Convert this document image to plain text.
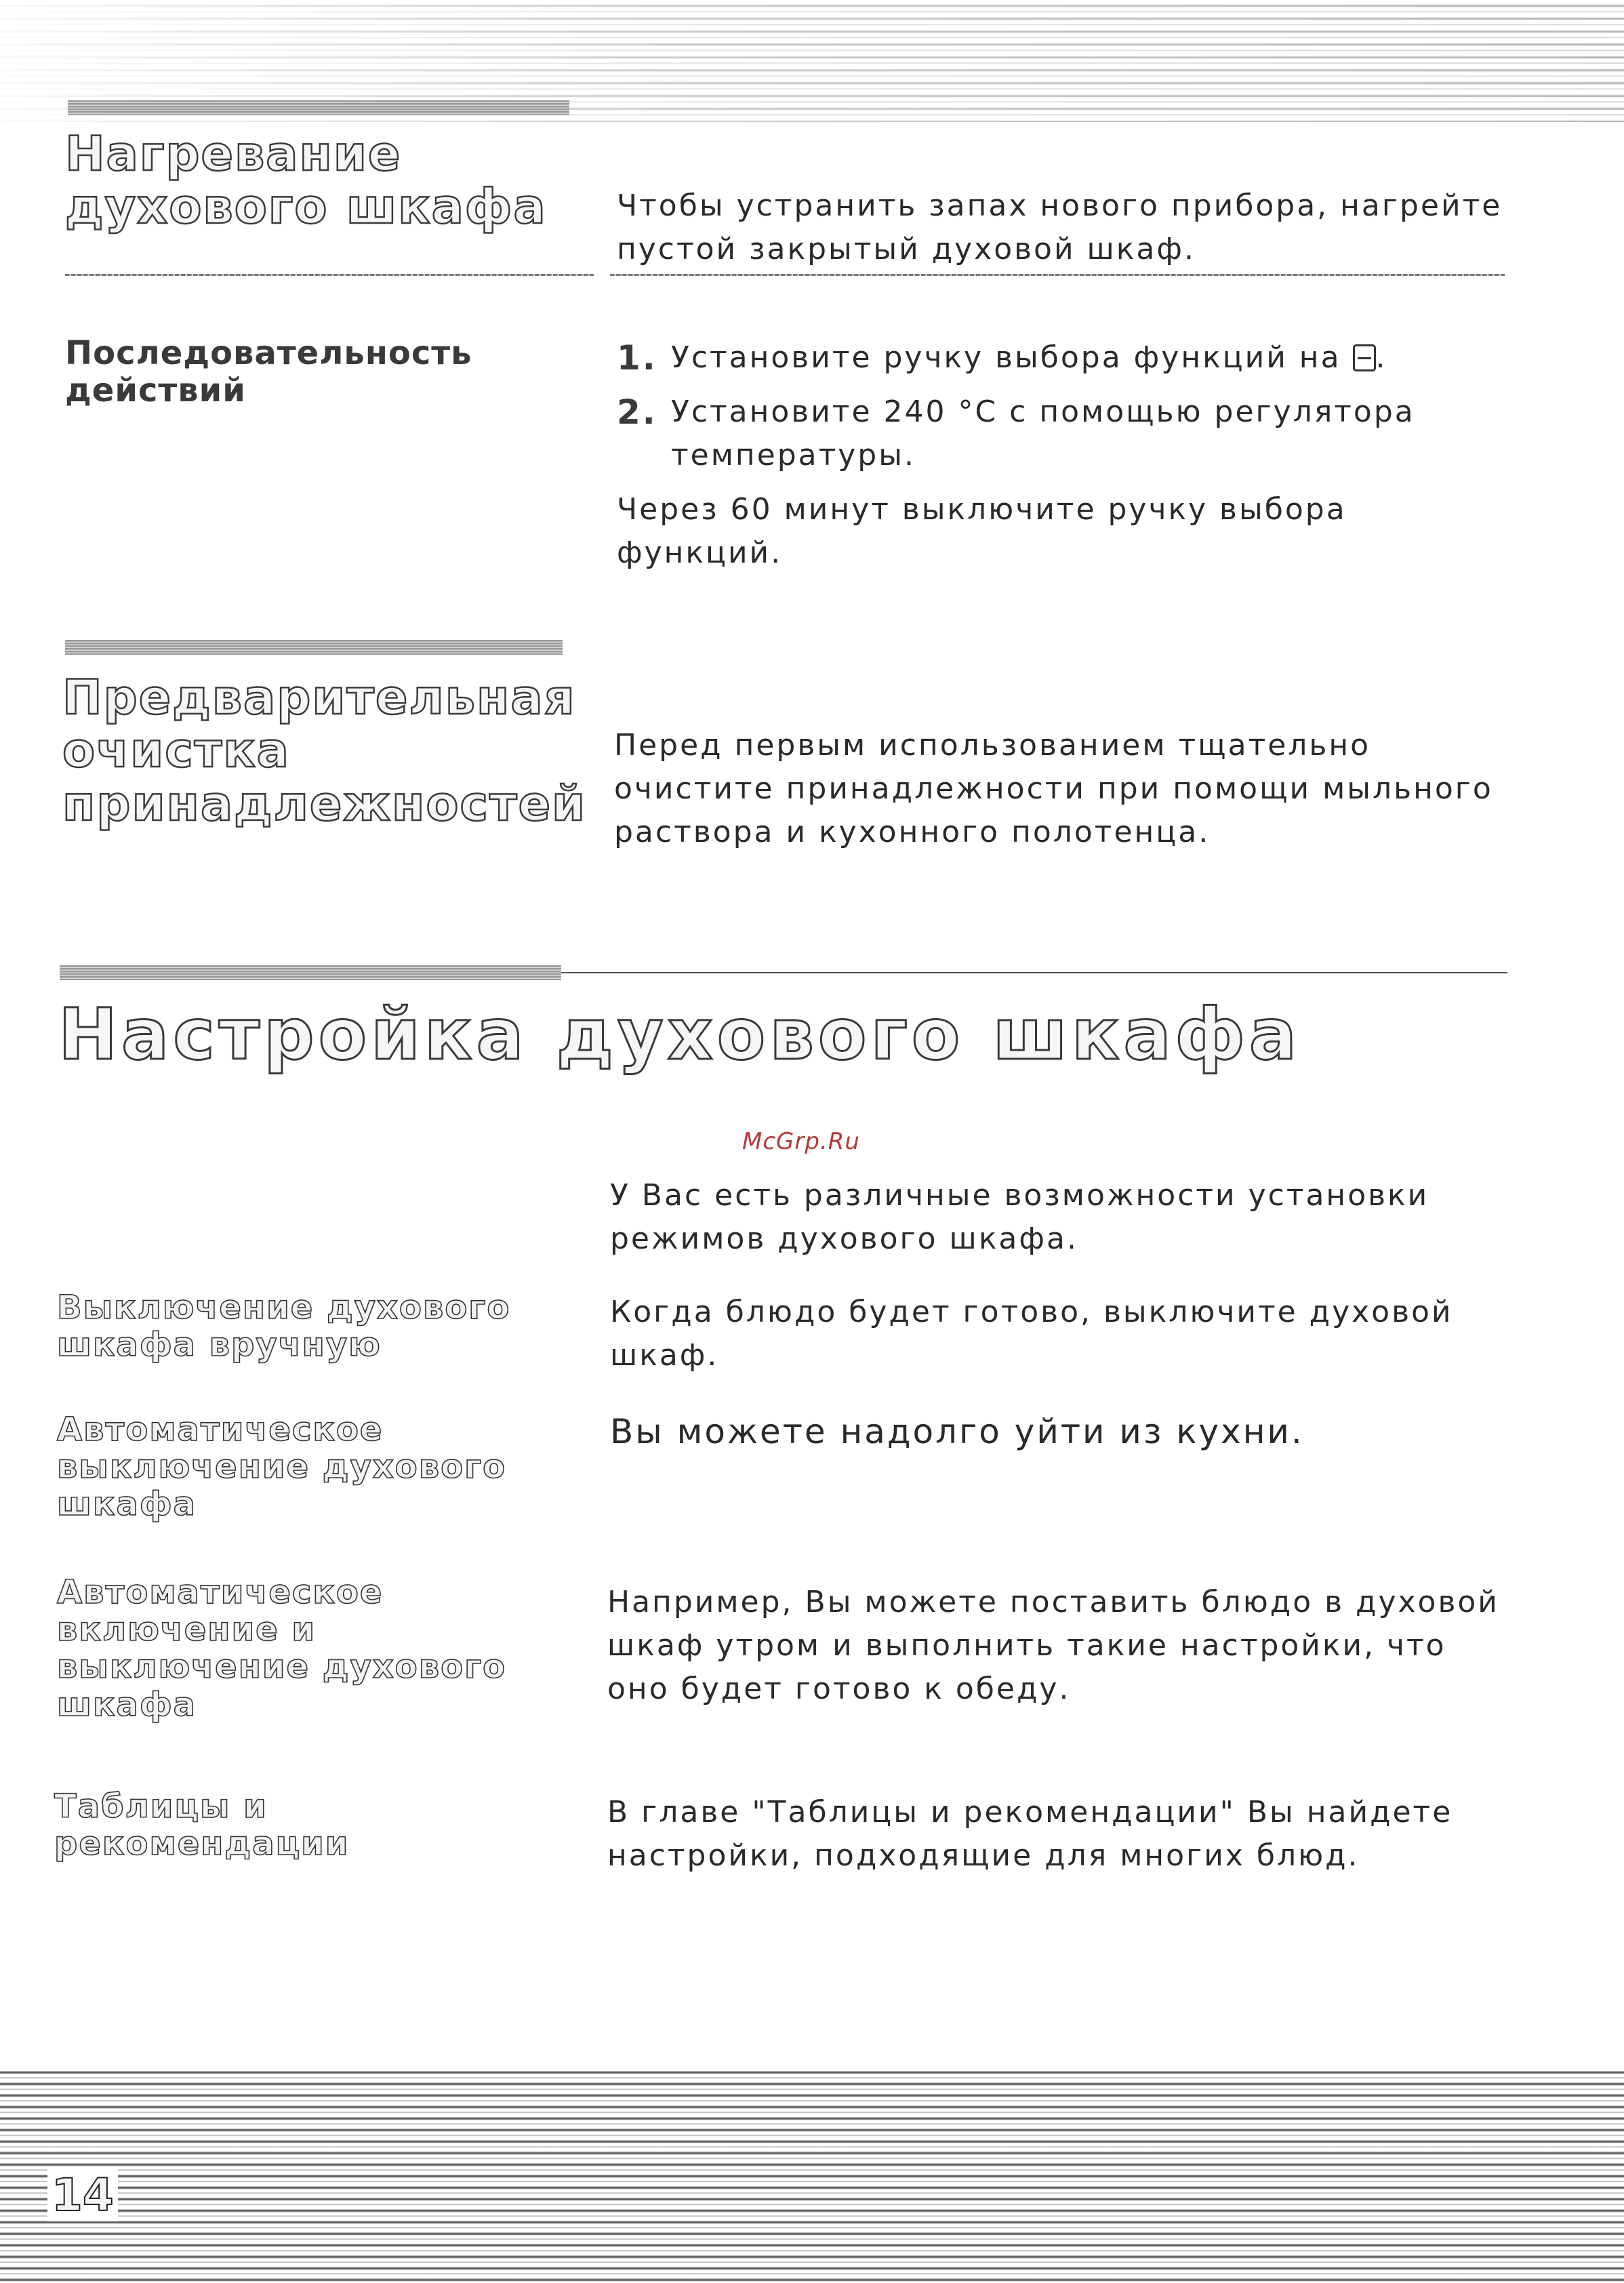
Нагревание
духового шкафа	Чтобы устранить запах нового прибора, нагрейте пустой закрытый духовой шкаф.
Последовательность действий
1. Установите ручку выбора функций на .
2. Установите 240 °С с помощью регулятора температуры.

Через 60 минут выключите ручку выбора функций.

Предварительная
очистка
принадлежностей
Перед первым использованием тщательно очистите принадлежности при помощи мыльного раствора и кухонного полотенца.
Настройка духового шкафа
McGrp.Ru
У Вас есть различные возможности установки режимов духового шкафа.
Выключение духового шкафа вручную
Когда блюдо будет готово, выключите духовой шкаф.
Автоматическое выключение духового шкафа
Вы можете надолго уйти из кухни.
Автоматическое включение и выключение духового шкафа
Например, Вы можете поставить блюдо в духовой шкаф утром и выполнить такие настройки, что оно будет готово к обеду.
Таблицы и рекомендации
В главе "Таблицы и рекомендации" Вы найдете настройки, подходящие для многих блюд.
14
